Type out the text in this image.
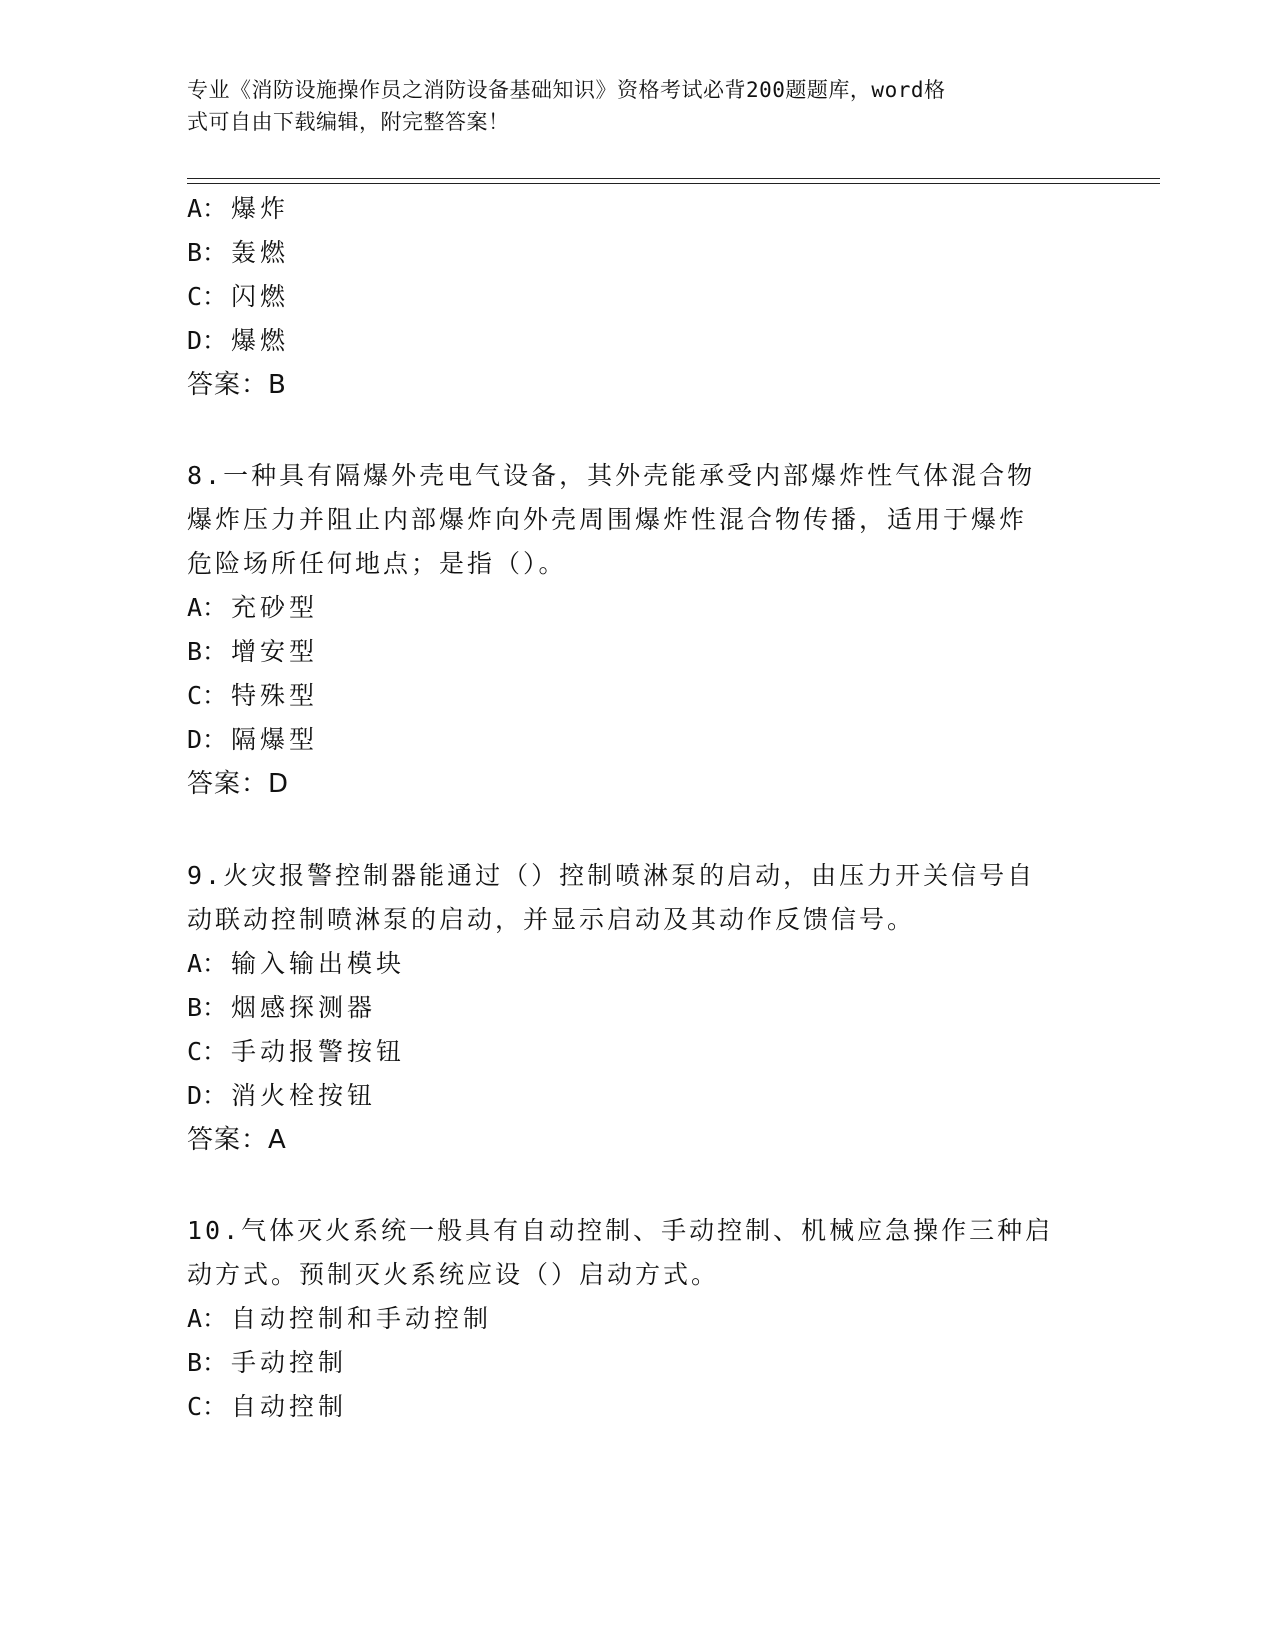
专业《消防设施操作员之消防设备基础知识》资格考试必背200题题库，word格
式可自由下载编辑，附完整答案！
A： 爆炸
B： 轰燃
C： 闪燃
D： 爆燃
答案：B
8.一种具有隔爆外壳电气设备，其外壳能承受内部爆炸性气体混合物
爆炸压力并阻止内部爆炸向外壳周围爆炸性混合物传播，适用于爆炸
危险场所任何地点；是指（）。
A： 充砂型
B： 增安型
C： 特殊型
D： 隔爆型
答案：D
9.火灾报警控制器能通过（）控制喷淋泵的启动，由压力开关信号自
动联动控制喷淋泵的启动，并显示启动及其动作反馈信号。
A： 输入输出模块
B： 烟感探测器
C： 手动报警按钮
D： 消火栓按钮
答案：A
10.气体灭火系统一般具有自动控制、手动控制、机械应急操作三种启
动方式。预制灭火系统应设（）启动方式。
A： 自动控制和手动控制
B： 手动控制
C： 自动控制
